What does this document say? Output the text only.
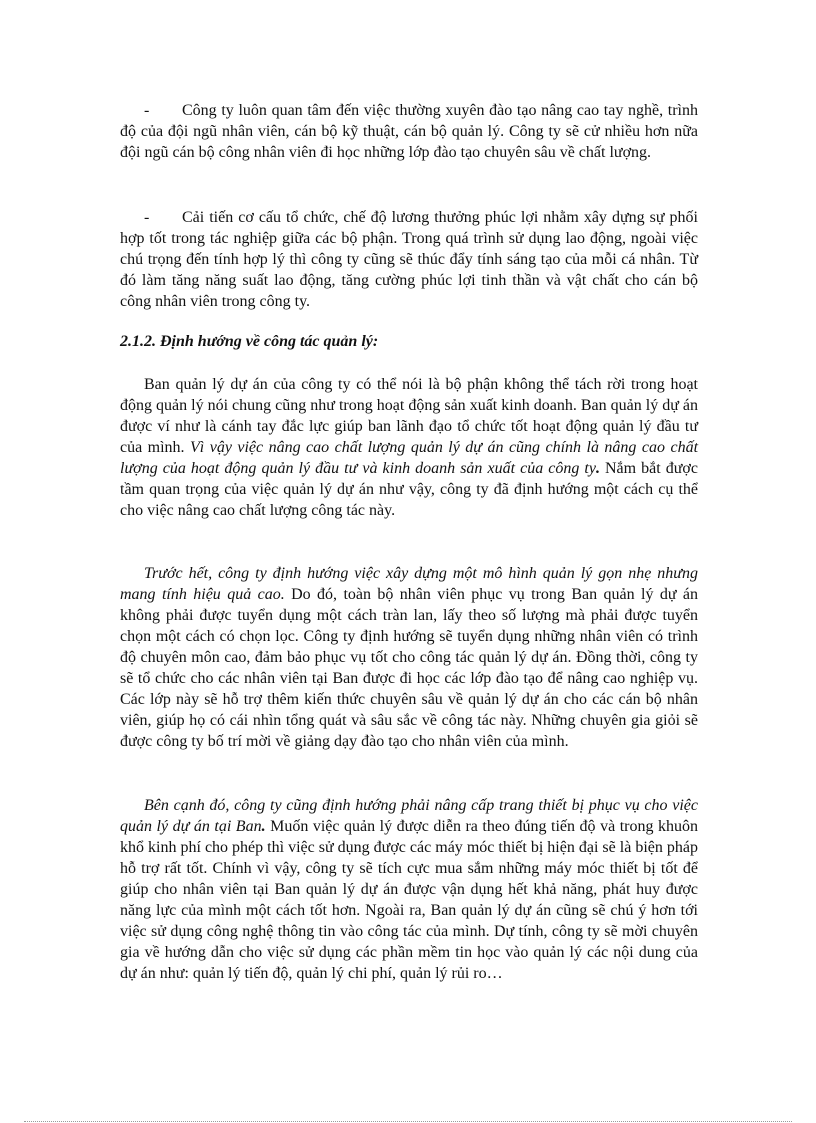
- Công ty luôn quan tâm đến việc thường xuyên đào tạo nâng cao tay nghề, trình độ của đội ngũ nhân viên, cán bộ kỹ thuật, cán bộ quản lý. Công ty sẽ cử nhiều hơn nữa đội ngũ cán bộ công nhân viên đi học những lớp đào tạo chuyên sâu về chất lượng.

- Cải tiến cơ cấu tổ chức, chế độ lương thưởng phúc lợi nhằm xây dựng sự phối hợp tốt trong tác nghiệp giữa các bộ phận. Trong quá trình sử dụng lao động, ngoài việc chú trọng đến tính hợp lý thì công ty cũng sẽ thúc đẩy tính sáng tạo của mỗi cá nhân. Từ đó làm tăng năng suất lao động, tăng cường phúc lợi tinh thần và vật chất cho cán bộ công nhân viên trong công ty.

2.1.2. Định hướng về công tác quản lý:

Ban quản lý dự án của công ty có thể nói là bộ phận không thể tách rời trong hoạt động quản lý nói chung cũng như trong hoạt động sản xuất kinh doanh. Ban quản lý dự án được ví như là cánh tay đắc lực giúp ban lãnh đạo tổ chức tốt hoạt động quản lý đầu tư của mình. Vì vậy việc nâng cao chất lượng quản lý dự án cũng chính là nâng cao chất lượng của hoạt động quản lý đầu tư và kinh doanh sản xuất của công ty. Nắm bắt được tầm quan trọng của việc quản lý dự án như vậy, công ty đã định hướng một cách cụ thể cho việc nâng cao chất lượng công tác này.

Trước hết, công ty định hướng việc xây dựng một mô hình quản lý gọn nhẹ nhưng mang tính hiệu quả cao. Do đó, toàn bộ nhân viên phục vụ trong Ban quản lý dự án không phải được tuyển dụng một cách tràn lan, lấy theo số lượng mà phải được tuyển chọn một cách có chọn lọc. Công ty định hướng sẽ tuyển dụng những nhân viên có trình độ chuyên môn cao, đảm bảo phục vụ tốt cho công tác quản lý dự án. Đồng thời, công ty sẽ tổ chức cho các nhân viên tại Ban được đi học các lớp đào tạo để nâng cao nghiệp vụ. Các lớp này sẽ hỗ trợ thêm kiến thức chuyên sâu về quản lý dự án cho các cán bộ nhân viên, giúp họ có cái nhìn tổng quát và sâu sắc về công tác này. Những chuyên gia giỏi sẽ được công ty bố trí mời về giảng dạy đào tạo cho nhân viên của mình.

Bên cạnh đó, công ty cũng định hướng phải nâng cấp trang thiết bị phục vụ cho việc quản lý dự án tại Ban. Muốn việc quản lý được diễn ra theo đúng tiến độ và trong khuôn khổ kinh phí cho phép thì việc sử dụng được các máy móc thiết bị hiện đại sẽ là biện pháp hỗ trợ rất tốt. Chính vì vậy, công ty sẽ tích cực mua sắm những máy móc thiết bị tốt để giúp cho nhân viên tại Ban quản lý dự án được vận dụng hết khả năng, phát huy được năng lực của mình một cách tốt hơn. Ngoài ra, Ban quản lý dự án cũng sẽ chú ý hơn tới việc sử dụng công nghệ thông tin vào công tác của mình. Dự tính, công ty sẽ mời chuyên gia về hướng dẫn cho việc sử dụng các phần mềm tin học vào quản lý các nội dung của dự án như: quản lý tiến độ, quản lý chi phí, quản lý rủi ro…
